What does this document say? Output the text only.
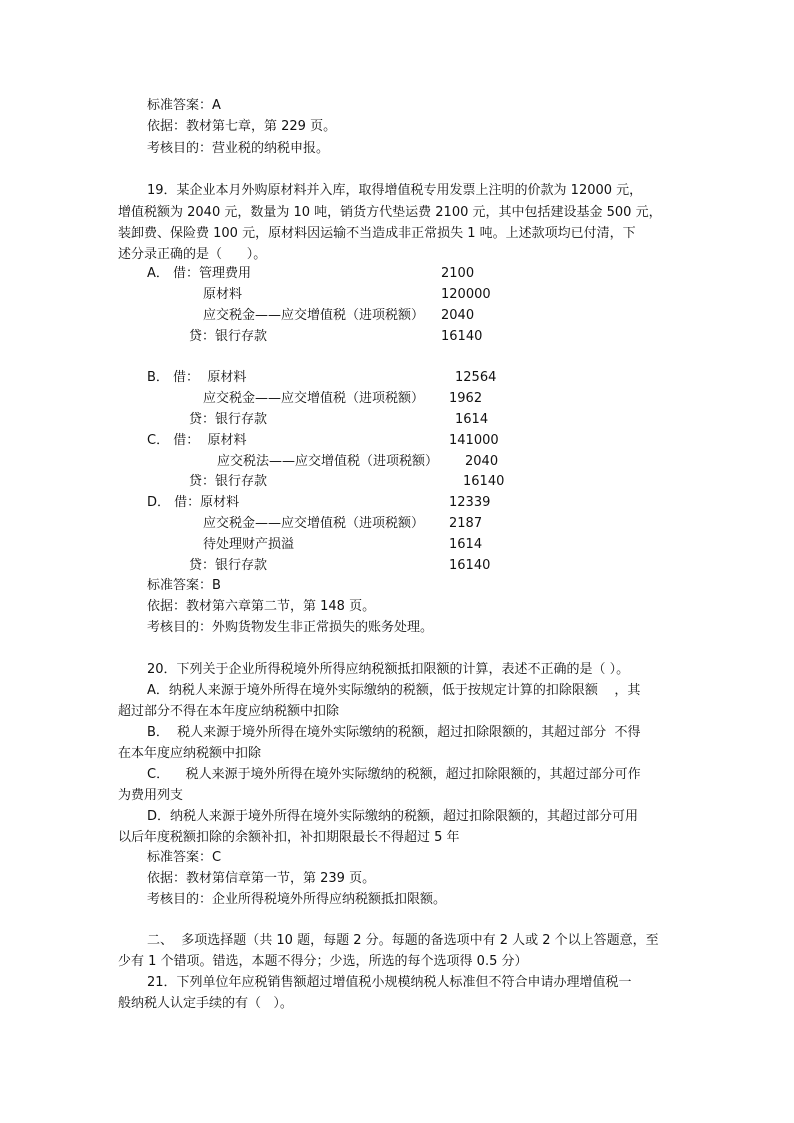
标准答案：A
依据：教材第七章，第 229 页。
考核目的：营业税的纳税申报。
19．某企业本月外购原材料并入库，取得增值税专用发票上注明的价款为 12000 元，
增值税额为 2040 元，数量为 10 吨，销货方代垫运费 2100 元，其中包括建设基金 500 元，
装卸费、保险费 100 元，原材料因运输不当造成非正常损失 1 吨。上述款项均已付清，下
述分录正确的是（      ）。
A． 借：管理费用	2100
原材料	120000
应交税金——应交增值税（进项税额） 2040
贷：银行存款	16140
B． 借：  原材料	12564
应交税金——应交增值税（进项税额） 1962
贷：银行存款	1614
C． 借：  原材料	141000
应交税法——应交增值税（进项税额） 2040
贷：银行存款	16140
D． 借：原材料	12339
应交税金——应交增值税（进项税额） 2187
待处理财产损溢	1614
贷：银行存款	16140
标准答案：B
依据：教材第六章第二节，第 148 页。
考核目的：外购货物发生非正常损失的账务处理。
20．下列关于企业所得税境外所得应纳税额抵扣限额的计算，表述不正确的是（ ）。
A．纳税人来源于境外所得在境外实际缴纳的税额，低于按规定计算的扣除限额    ，其
超过部分不得在本年度应纳税额中扣除
B．  税人来源于境外所得在境外实际缴纳的税额，超过扣除限额的，其超过部分  不得
在本年度应纳税额中扣除
C．    税人来源于境外所得在境外实际缴纳的税额，超过扣除限额的，其超过部分可作
为费用列支
D．纳税人来源于境外所得在境外实际缴纳的税额，超过扣除限额的，其超过部分可用
以后年度税额扣除的余额补扣，补扣期限最长不得超过 5 年
标准答案：C
依据：教材第信章第一节，第 239 页。
考核目的：企业所得税境外所得应纳税额抵扣限额。
二、  多项选择题（共 10 题，每题 2 分。每题的备选项中有 2 人或 2 个以上答题意，至
少有 1 个错项。错选，本题不得分；少选，所选的每个选项得 0.5 分）
21．下列单位年应税销售额超过增值税小规模纳税人标准但不符合申请办理增值税一
般纳税人认定手续的有（   ）。
